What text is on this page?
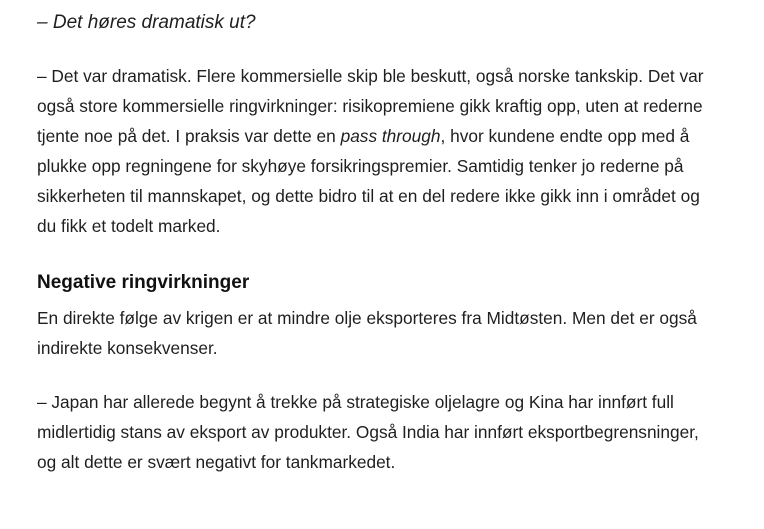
– Det høres dramatisk ut?

– Det var dramatisk. Flere kommersielle skip ble beskutt, også norske tankskip. Det var
også store kommersielle ringvirkninger: risikopremiene gikk kraftig opp, uten at rederne
tjente noe på det. I praksis var dette en pass through, hvor kundene endte opp med å
plukke opp regningene for skyhøye forsikringspremier. Samtidig tenker jo rederne på
sikkerheten til mannskapet, og dette bidro til at en del redere ikke gikk inn i området og
du fikk et todelt marked.

Negative ringvirkninger

En direkte følge av krigen er at mindre olje eksporteres fra Midtøsten. Men det er også
indirekte konsekvenser.

– Japan har allerede begynt å trekke på strategiske oljelagre og Kina har innført full
midlertidig stans av eksport av produkter. Også India har innført eksportbegrensninger,
og alt dette er svært negativt for tankmarkedet.
